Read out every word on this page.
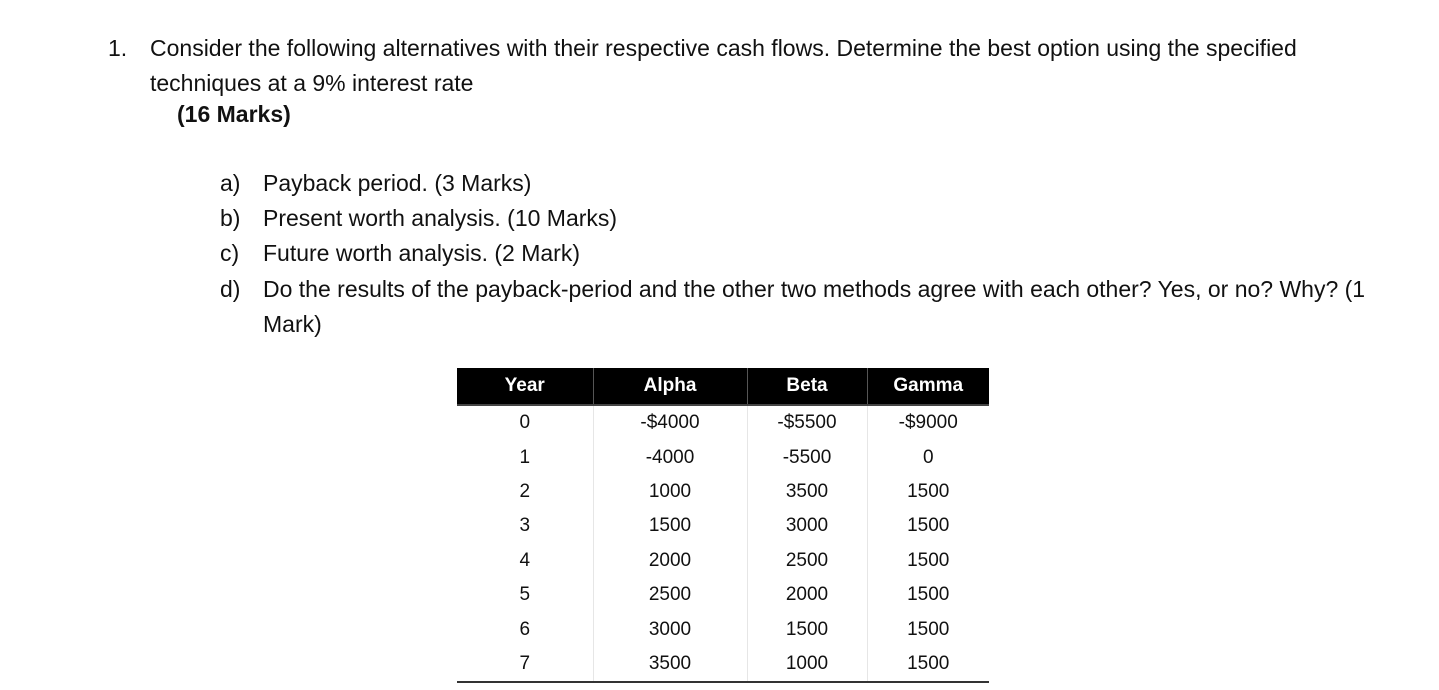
1. Consider the following alternatives with their respective cash flows. Determine the best option using the specified techniques at a 9% interest rate
(16 Marks)
a) Payback period. (3 Marks)
b) Present worth analysis. (10 Marks)
c)	Future worth analysis. (2 Mark)
d) Do the results of the payback-period and the other two methods agree with each other? Yes, or no? Why? (1 Mark)
Year	Alpha	Beta	Gamma
0	-$4000	-$5500	-$9000
1	-4000	-5500	0
2	1000	3500	1500
3	1500	3000	1500
4	2000	2500	1500
5	2500	2000	1500
6	3000	1500	1500
7	3500	1000	1500
